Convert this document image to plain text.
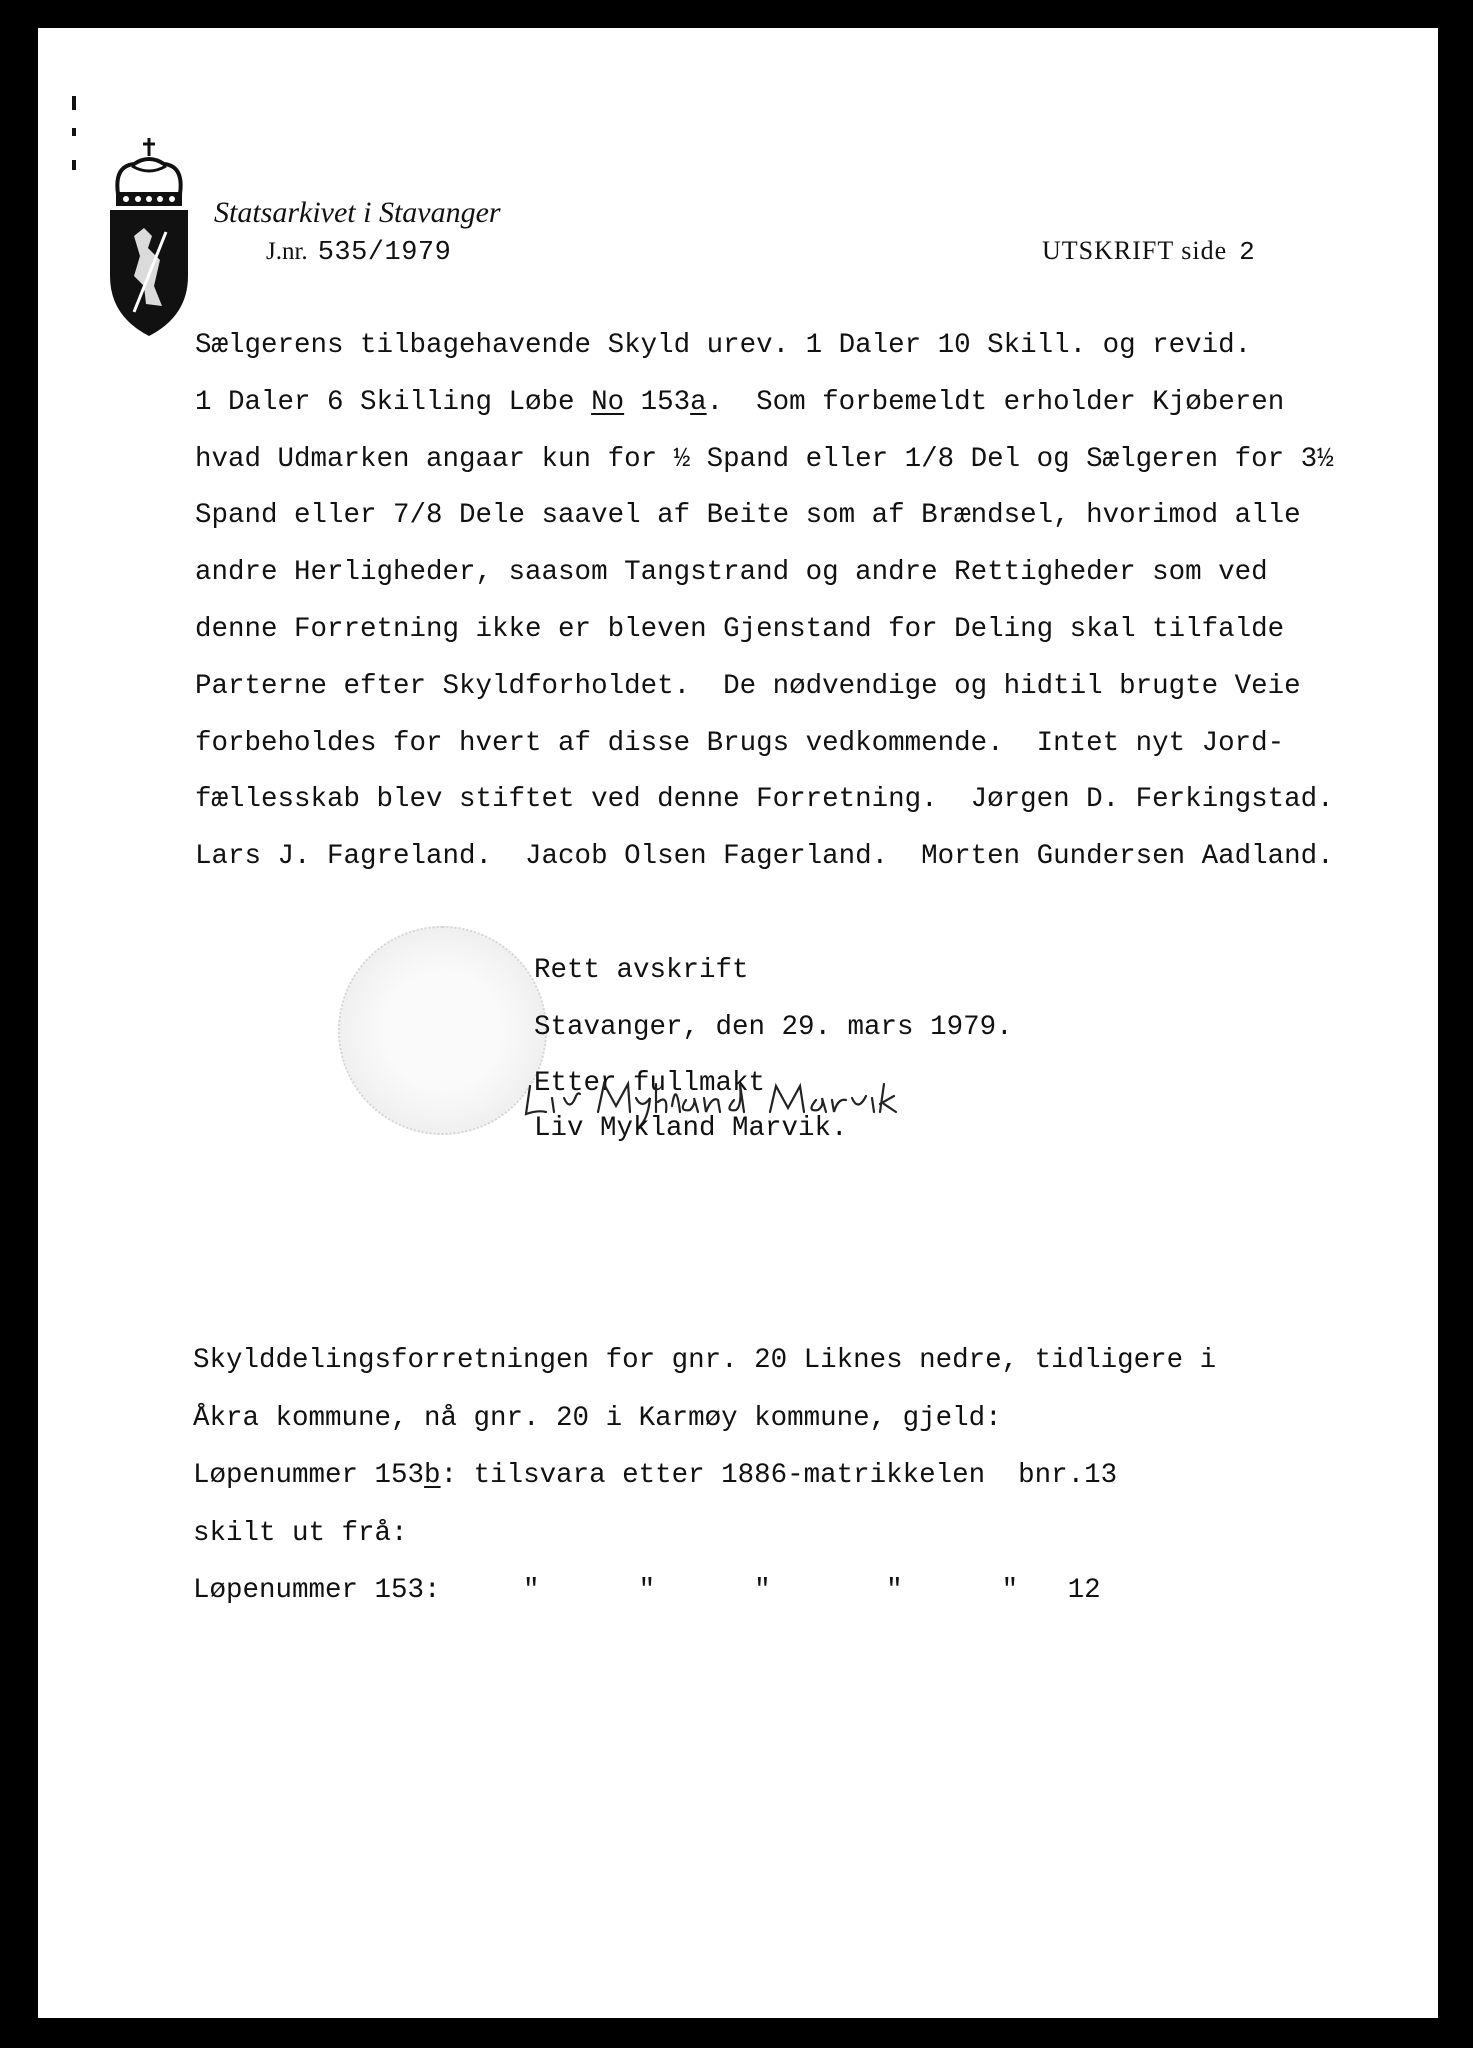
Statsarkivet i Stavanger
J.nr. 535/1979	UTSKRIFT side 2
Sælgerens tilbagehavende Skyld urev. 1 Daler 10 Skill. og revid.
1 Daler 6 Skilling Løbe No 153a.  Som forbemeldt erholder Kjøberen
hvad Udmarken angaar kun for ½ Spand eller 1/8 Del og Sælgeren for 3½
Spand eller 7/8 Dele saavel af Beite som af Brændsel, hvorimod alle
andre Herligheder, saasom Tangstrand og andre Rettigheder som ved
denne Forretning ikke er bleven Gjenstand for Deling skal tilfalde
Parterne efter Skyldforholdet.  De nødvendige og hidtil brugte Veie
forbeholdes for hvert af disse Brugs vedkommende.  Intet nyt Jord-
fællesskab blev stiftet ved denne Forretning.  Jørgen D. Ferkingstad.
Lars J. Fagreland.  Jacob Olsen Fagerland.  Morten Gundersen Aadland.
Rett avskrift
Stavanger, den 29. mars 1979.
Etter fullmakt
Liv Mykland Marvik.
Skylddelingsforretningen for gnr. 20 Liknes nedre, tidligere i
Åkra kommune, nå gnr. 20 i Karmøy kommune, gjeld:
Løpenummer 153b: tilsvara etter 1886-matrikkelen  bnr.13
skilt ut frå:
Løpenummer 153:     "      "      "       "      "   12
